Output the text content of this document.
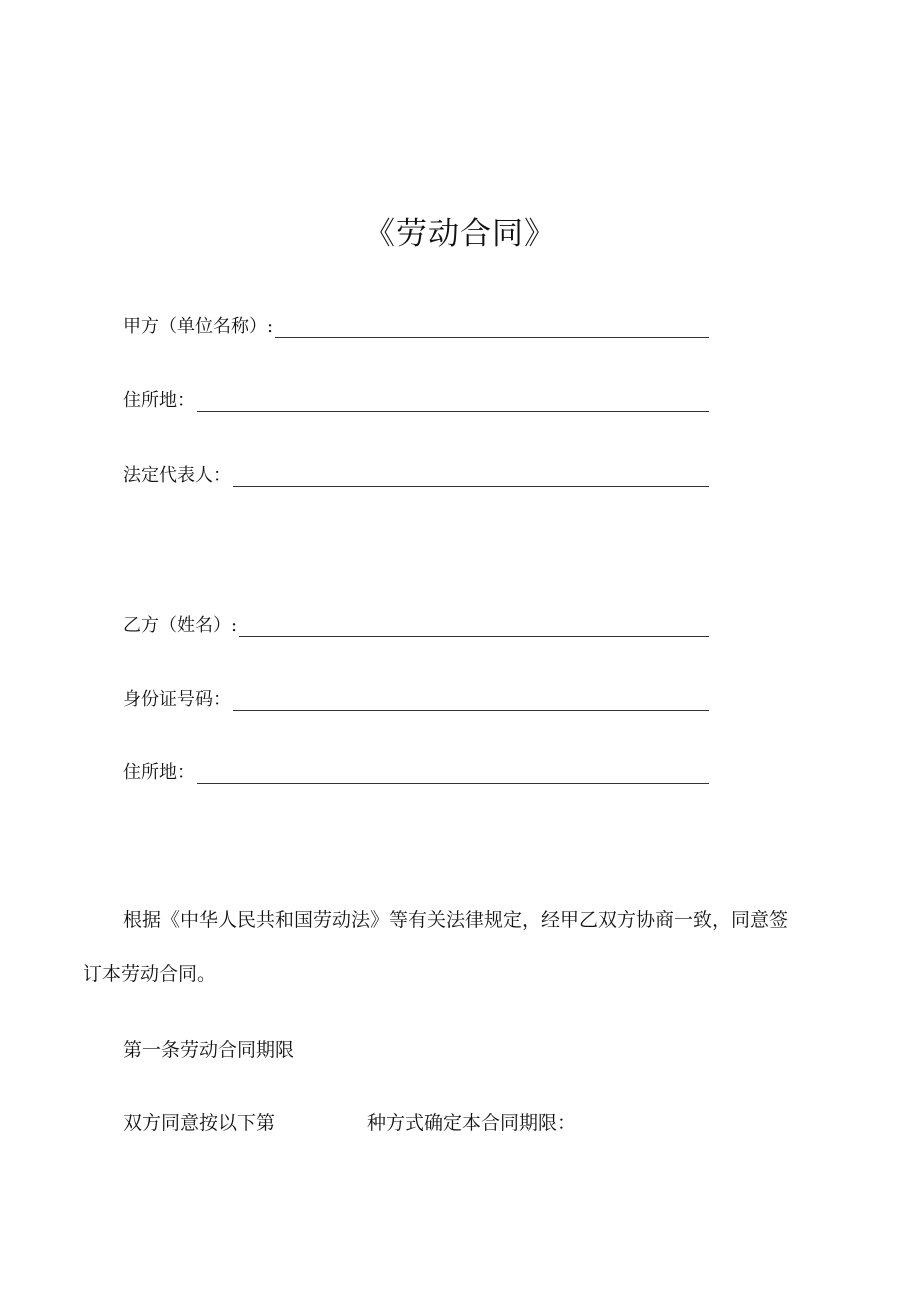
《劳动合同》
甲方（单位名称）:
住所地：
法定代表人：
乙方（姓名）:
身份证号码：
住所地：
根据《中华人民共和国劳动法》等有关法律规定，经甲乙双方协商一致，同意签
订本劳动合同。
第一条劳动合同期限
双方同意按以下第	种方式确定本合同期限：
